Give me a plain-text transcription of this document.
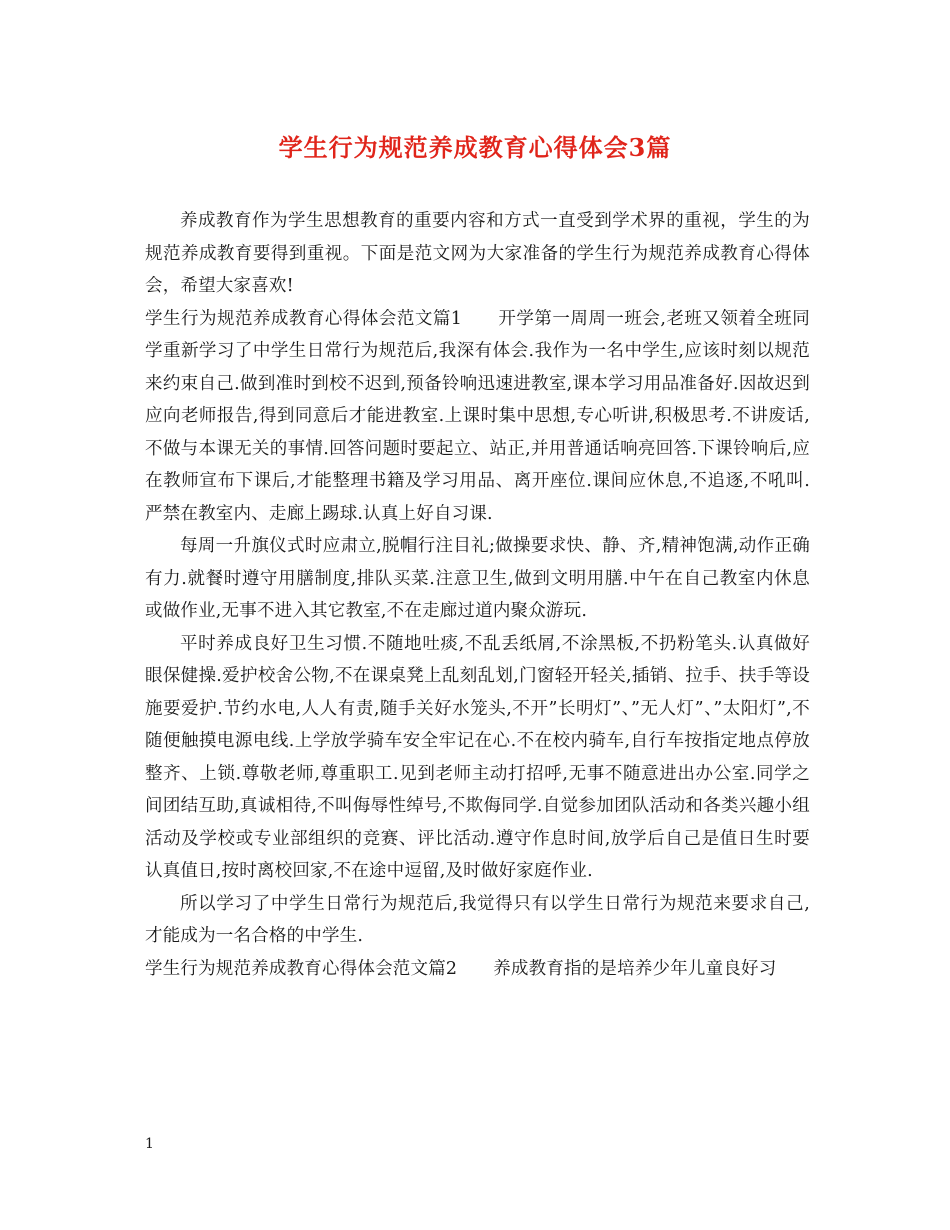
学生行为规范养成教育心得体会3篇

养成教育作为学生思想教育的重要内容和方式一直受到学术界的重视，学生的为规范养成教育要得到重视。下面是范文网为大家准备的学生行为规范养成教育心得体会，希望大家喜欢!

学生行为规范养成教育心得体会范文篇1 开学第一周周一班会,老班又领着全班同学重新学习了中学生日常行为规范后,我深有体会.我作为一名中学生,应该时刻以规范来约束自己.做到准时到校不迟到,预备铃响迅速进教室,课本学习用品准备好.因故迟到应向老师报告,得到同意后才能进教室.上课时集中思想,专心听讲,积极思考.不讲废话,不做与本课无关的事情.回答问题时要起立、站正,并用普通话响亮回答.下课铃响后,应在教师宣布下课后,才能整理书籍及学习用品、离开座位.课间应休息,不追逐,不吼叫.严禁在教室内、走廊上踢球.认真上好自习课.

每周一升旗仪式时应肃立,脱帽行注目礼;做操要求快、静、齐,精神饱满,动作正确有力.就餐时遵守用膳制度,排队买菜.注意卫生,做到文明用膳.中午在自己教室内休息或做作业,无事不进入其它教室,不在走廊过道内聚众游玩.

平时养成良好卫生习惯.不随地吐痰,不乱丢纸屑,不涂黑板,不扔粉笔头.认真做好眼保健操.爱护校舍公物,不在课桌凳上乱刻乱划,门窗轻开轻关,插销、拉手、扶手等设施要爱护.节约水电,人人有责,随手关好水笼头,不开”长明灯”、”无人灯”、”太阳灯”,不随便触摸电源电线.上学放学骑车安全牢记在心.不在校内骑车,自行车按指定地点停放整齐、上锁.尊敬老师,尊重职工.见到老师主动打招呼,无事不随意进出办公室.同学之间团结互助,真诚相待,不叫侮辱性绰号,不欺侮同学.自觉参加团队活动和各类兴趣小组活动及学校或专业部组织的竞赛、评比活动.遵守作息时间,放学后自己是值日生时要认真值日,按时离校回家,不在途中逗留,及时做好家庭作业.

所以学习了中学生日常行为规范后,我觉得只有以学生日常行为规范来要求自己,才能成为一名合格的中学生.

学生行为规范养成教育心得体会范文篇2 养成教育指的是培养少年儿童良好习

1
